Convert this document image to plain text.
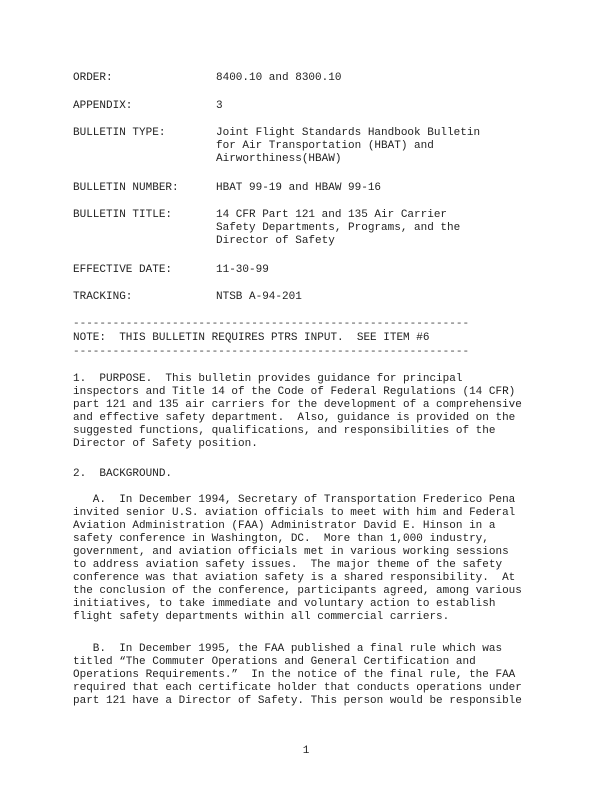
ORDER:	8400.10 and 8300.10
APPENDIX:	3
BULLETIN TYPE:	Joint Flight Standards Handbook Bulletin
for Air Transportation (HBAT) and
Airworthiness(HBAW)
BULLETIN NUMBER:	HBAT 99-19 and HBAW 99-16
BULLETIN TITLE:	14 CFR Part 121 and 135 Air Carrier
Safety Departments, Programs, and the
Director of Safety
EFFECTIVE DATE:	11-30-99
TRACKING:	NTSB A-94-201
------------------------------------------------------------
NOTE:  THIS BULLETIN REQUIRES PTRS INPUT.  SEE ITEM #6
------------------------------------------------------------
1.  PURPOSE.  This bulletin provides guidance for principal
inspectors and Title 14 of the Code of Federal Regulations (14 CFR)
part 121 and 135 air carriers for the development of a comprehensive
and effective safety department.  Also, guidance is provided on the
suggested functions, qualifications, and responsibilities of the
Director of Safety position.
2.  BACKGROUND.
A.  In December 1994, Secretary of Transportation Frederico Pena
invited senior U.S. aviation officials to meet with him and Federal
Aviation Administration (FAA) Administrator David E. Hinson in a
safety conference in Washington, DC.  More than 1,000 industry,
government, and aviation officials met in various working sessions
to address aviation safety issues.  The major theme of the safety
conference was that aviation safety is a shared responsibility.  At
the conclusion of the conference, participants agreed, among various
initiatives, to take immediate and voluntary action to establish
flight safety departments within all commercial carriers.
B.  In December 1995, the FAA published a final rule which was
titled “The Commuter Operations and General Certification and
Operations Requirements.”  In the notice of the final rule, the FAA
required that each certificate holder that conducts operations under
part 121 have a Director of Safety. This person would be responsible
1
